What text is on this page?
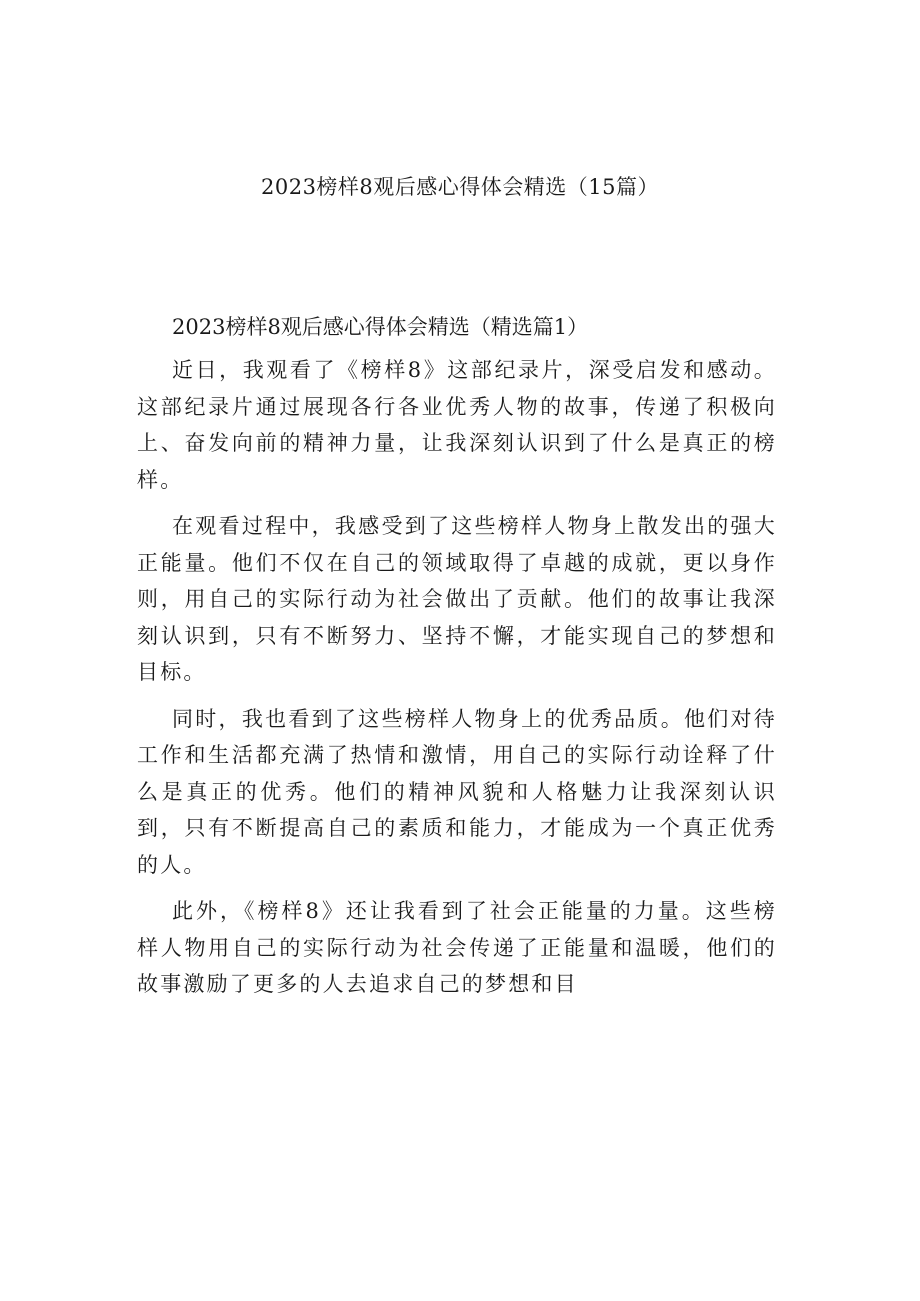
2023榜样8观后感心得体会精选（15篇）
2023榜样8观后感心得体会精选（精选篇1）

近日，我观看了《榜样8》这部纪录片，深受启发和感动。这部纪录片通过展现各行各业优秀人物的故事，传递了积极向上、奋发向前的精神力量，让我深刻认识到了什么是真正的榜样。

在观看过程中，我感受到了这些榜样人物身上散发出的强大正能量。他们不仅在自己的领域取得了卓越的成就，更以身作则，用自己的实际行动为社会做出了贡献。他们的故事让我深刻认识到，只有不断努力、坚持不懈，才能实现自己的梦想和目标。

同时，我也看到了这些榜样人物身上的优秀品质。他们对待工作和生活都充满了热情和激情，用自己的实际行动诠释了什么是真正的优秀。他们的精神风貌和人格魅力让我深刻认识到，只有不断提高自己的素质和能力，才能成为一个真正优秀的人。

此外，《榜样8》还让我看到了社会正能量的力量。这些榜样人物用自己的实际行动为社会传递了正能量和温暖，他们的故事激励了更多的人去追求自己的梦想和目
